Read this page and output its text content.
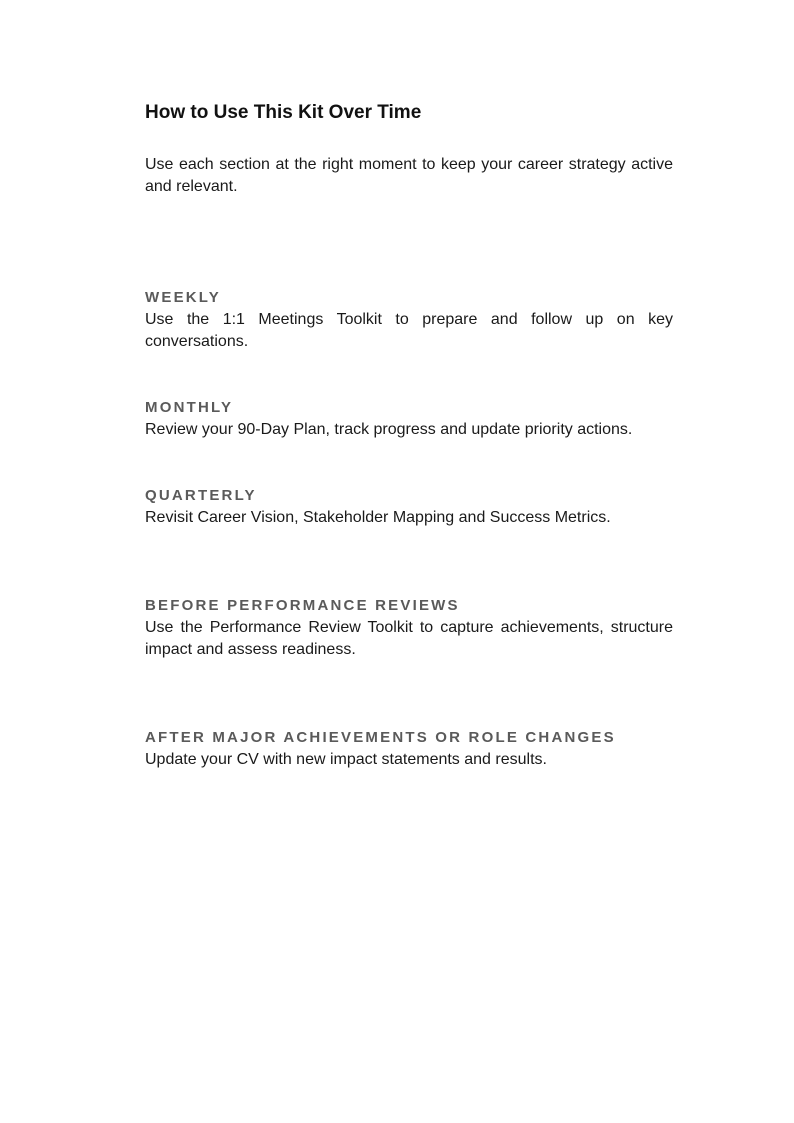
How to Use This Kit Over Time

Use each section at the right moment to keep your career strategy active and relevant.

WEEKLY

Use the 1:1 Meetings Toolkit to prepare and follow up on key conversations.

MONTHLY

Review your 90-Day Plan, track progress and update priority actions.

QUARTERLY

Revisit Career Vision, Stakeholder Mapping and Success Metrics.

BEFORE PERFORMANCE REVIEWS

Use the Performance Review Toolkit to capture achievements, structure impact and assess readiness.

AFTER MAJOR ACHIEVEMENTS OR ROLE CHANGES

Update your CV with new impact statements and results.
